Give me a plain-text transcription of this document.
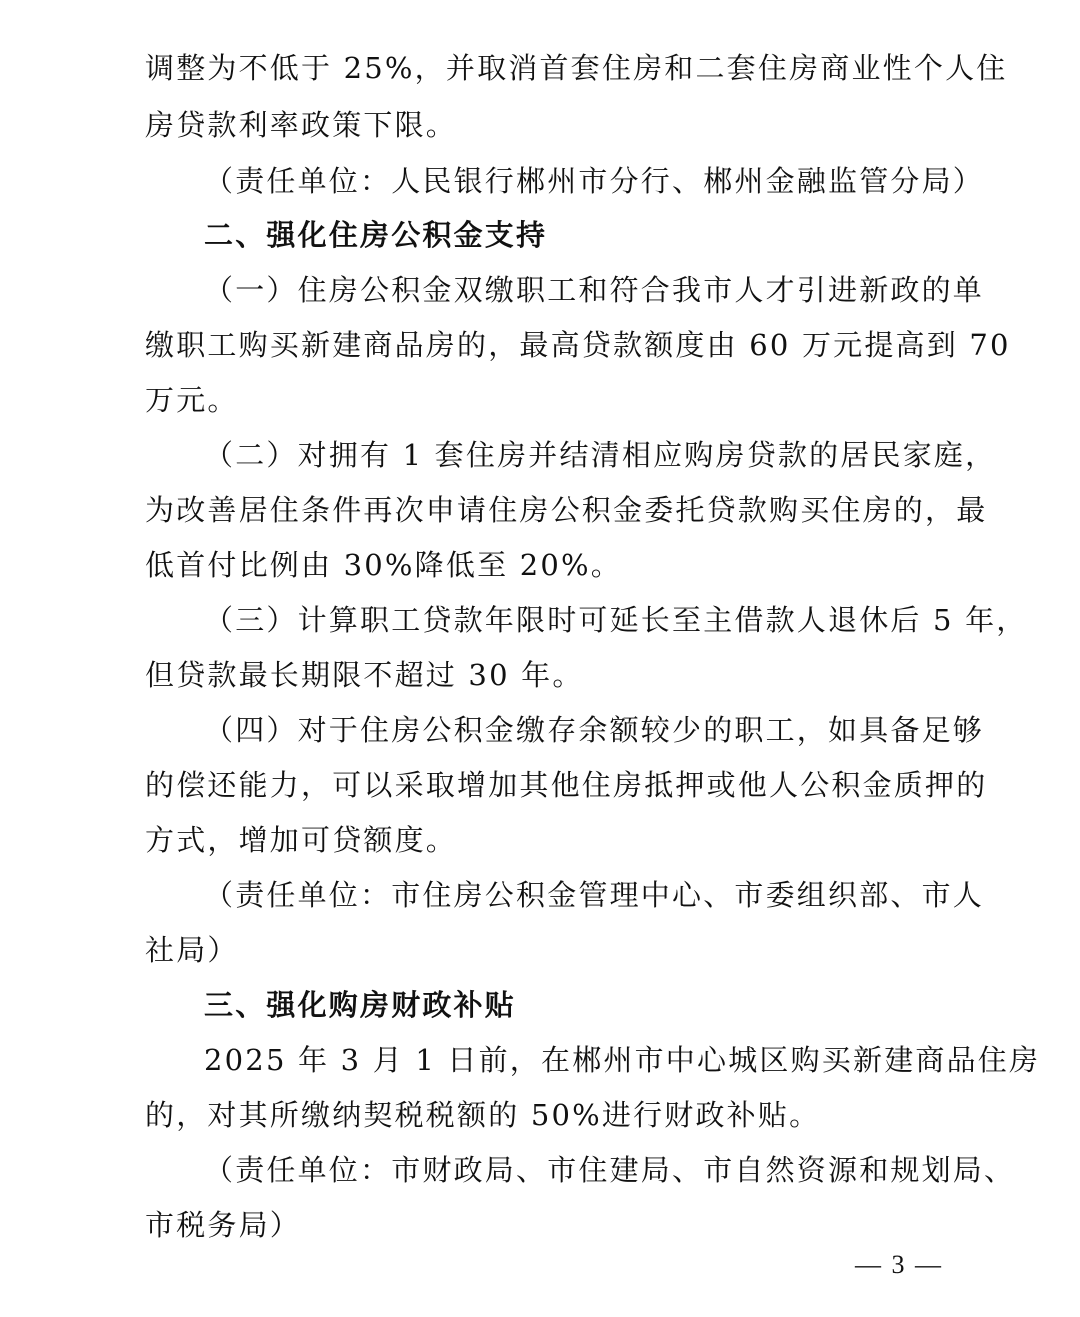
调整为不低于 25%，并取消首套住房和二套住房商业性个人住

房贷款利率政策下限。

（责任单位：人民银行郴州市分行、郴州金融监管分局）

二、强化住房公积金支持

（一）住房公积金双缴职工和符合我市人才引进新政的单

缴职工购买新建商品房的，最高贷款额度由 60 万元提高到 70

万元。

（二）对拥有 1 套住房并结清相应购房贷款的居民家庭，

为改善居住条件再次申请住房公积金委托贷款购买住房的，最

低首付比例由 30%降低至 20%。

（三）计算职工贷款年限时可延长至主借款人退休后 5 年，

但贷款最长期限不超过 30 年。

（四）对于住房公积金缴存余额较少的职工，如具备足够

的偿还能力，可以采取增加其他住房抵押或他人公积金质押的

方式，增加可贷额度。

（责任单位：市住房公积金管理中心、市委组织部、市人

社局）

三、强化购房财政补贴

2025 年 3 月 1 日前，在郴州市中心城区购买新建商品住房

的，对其所缴纳契税税额的 50%进行财政补贴。

（责任单位：市财政局、市住建局、市自然资源和规划局、

市税务局）

— 3 —
